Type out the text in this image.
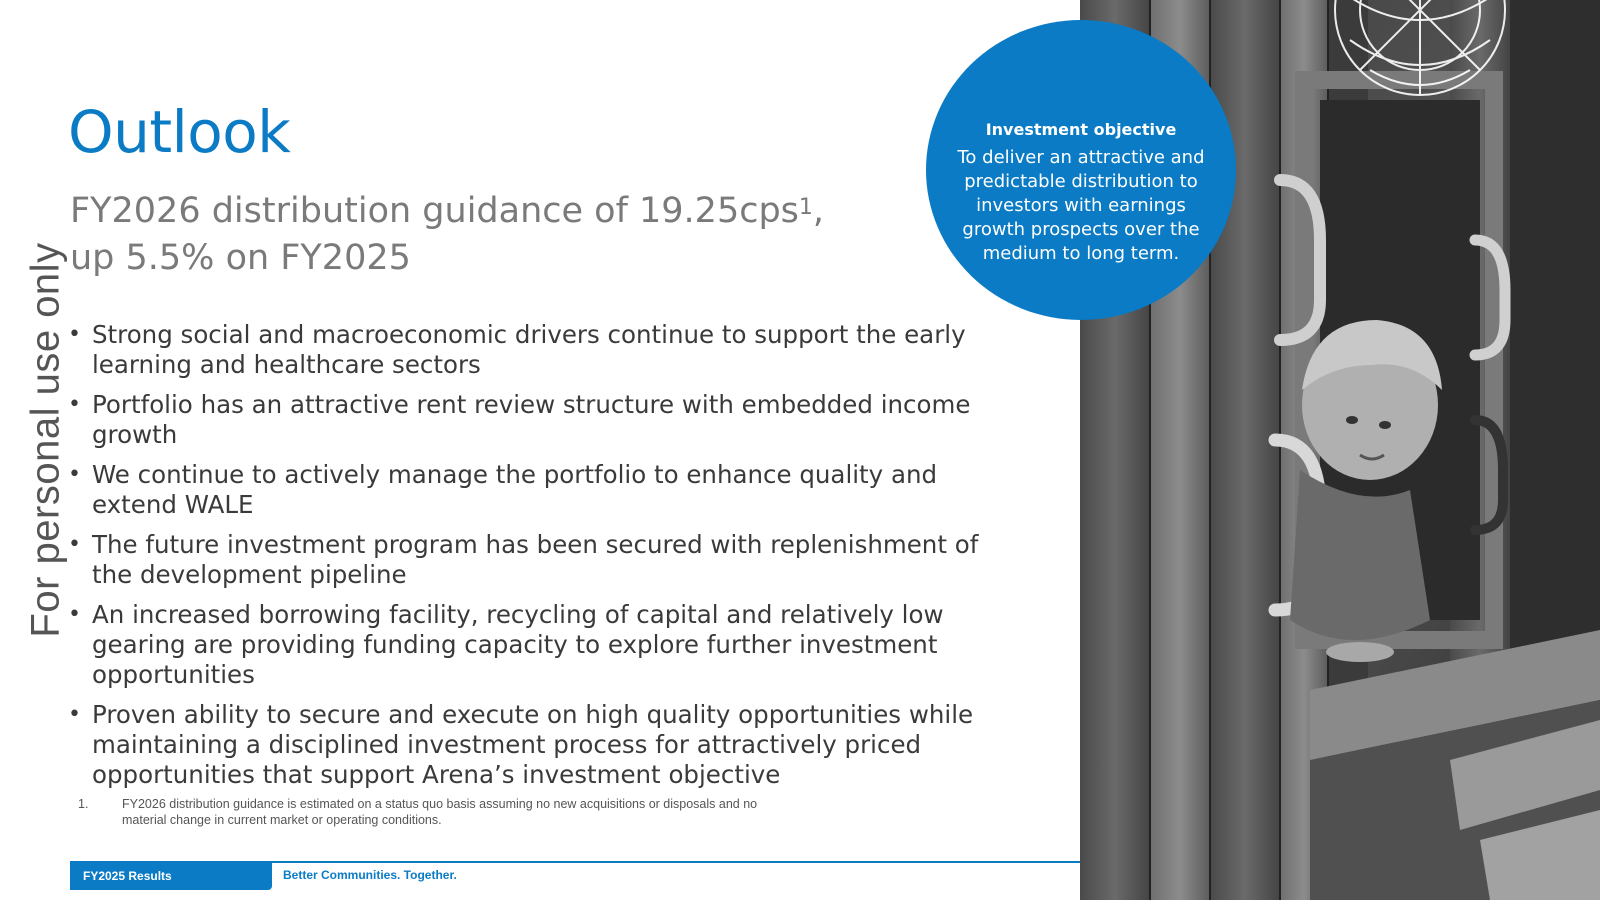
Outlook
FY2026 distribution guidance of 19.25cps$^1$,
up 5.5% on FY2025
For personal use only • Strong social and macroeconomic drivers continue to support the early learning and healthcare sectors
• Portfolio has an attractive rent review structure with embedded income growth
• We continue to actively manage the portfolio to enhance quality and extend WALE
• The future investment program has been secured with replenishment of the development pipeline
• An increased borrowing facility, recycling of capital and relatively low gearing are providing funding capacity to explore further investment opportunities
• Proven ability to secure and execute on high quality opportunities while maintaining a disciplined investment process for attractively priced opportunities that support Arena’s investment objective
1.	FY2026 distribution guidance is estimated on a status quo basis assuming no new acquisitions or disposals and no material change in current market or operating conditions.
FY2025 Results	Better Communities. Together.
Investment objective
To deliver an attractive and predictable distribution to investors with earnings growth prospects over the medium to long term.
